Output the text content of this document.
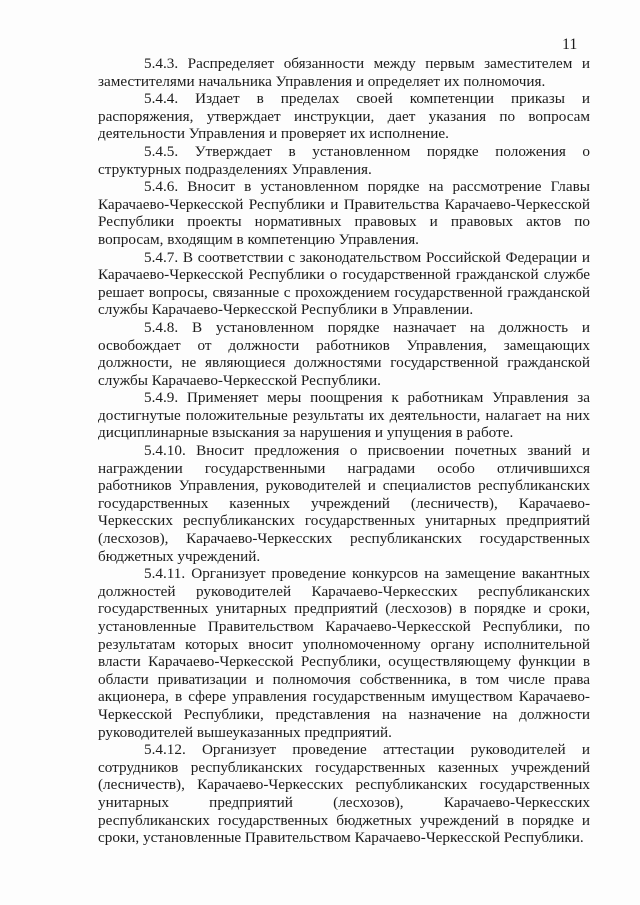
11

5.4.3. Распределяет обязанности между первым заместителем и заместителями начальника Управления и определяет их полномочия.

5.4.4. Издает в пределах своей компетенции приказы и распоряжения, утверждает инструкции, дает указания по вопросам деятельности Управления и проверяет их исполнение.

5.4.5. Утверждает в установленном порядке положения о структурных подразделениях Управления.

5.4.6. Вносит в установленном порядке на рассмотрение Главы Карачаево-Черкесской Республики и Правительства Карачаево-Черкесской Республики проекты нормативных правовых и правовых актов по вопросам, входящим в компетенцию Управления.

5.4.7. В соответствии с законодательством Российской Федерации и Карачаево-Черкесской Республики о государственной гражданской службе решает вопросы, связанные с прохождением государственной гражданской службы Карачаево-Черкесской Республики в Управлении.

5.4.8. В установленном порядке назначает на должность и освобождает от должности работников Управления, замещающих должности, не являющиеся должностями государственной гражданской службы Карачаево-Черкесской Республики.

5.4.9. Применяет меры поощрения к работникам Управления за достигнутые положительные результаты их деятельности, налагает на них дисциплинарные взыскания за нарушения и упущения в работе.

5.4.10. Вносит предложения о присвоении почетных званий и награждении государственными наградами особо отличившихся работников Управления, руководителей и специалистов республиканских государственных казенных учреждений (лесничеств), Карачаево-Черкесских республиканских государственных унитарных предприятий (лесхозов), Карачаево-Черкесских республиканских государственных бюджетных учреждений.

5.4.11. Организует проведение конкурсов на замещение вакантных должностей руководителей Карачаево-Черкесских республиканских государственных унитарных предприятий (лесхозов) в порядке и сроки, установленные Правительством Карачаево-Черкесской Республики, по результатам которых вносит уполномоченному органу исполнительной власти Карачаево-Черкесской Республики, осуществляющему функции в области приватизации и полномочия собственника, в том числе права акционера, в сфере управления государственным имуществом Карачаево-Черкесской Республики, представления на назначение на должности руководителей вышеуказанных предприятий.

5.4.12. Организует проведение аттестации руководителей и сотрудников республиканских государственных казенных учреждений (лесничеств), Карачаево-Черкесских республиканских государственных унитарных предприятий (лесхозов), Карачаево-Черкесских республиканских государственных бюджетных учреждений в порядке и сроки, установленные Правительством Карачаево-Черкесской Республики.
